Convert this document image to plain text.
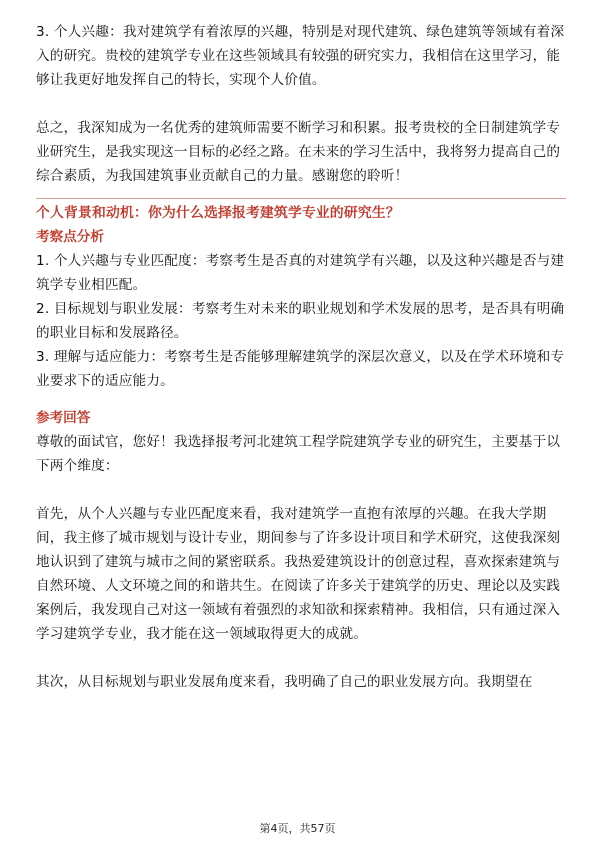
3. 个人兴趣：我对建筑学有着浓厚的兴趣，特别是对现代建筑、绿色建筑等领域有着深入的研究。贵校的建筑学专业在这些领域具有较强的研究实力，我相信在这里学习，能够让我更好地发挥自己的特长，实现个人价值。

总之，我深知成为一名优秀的建筑师需要不断学习和积累。报考贵校的全日制建筑学专业研究生，是我实现这一目标的必经之路。在未来的学习生活中，我将努力提高自己的综合素质，为我国建筑事业贡献自己的力量。感谢您的聆听！

个人背景和动机：你为什么选择报考建筑学专业的研究生？

考察点分析

1. 个人兴趣与专业匹配度：考察考生是否真的对建筑学有兴趣，以及这种兴趣是否与建筑学专业相匹配。

2. 目标规划与职业发展：考察考生对未来的职业规划和学术发展的思考，是否具有明确的职业目标和发展路径。

3. 理解与适应能力：考察考生是否能够理解建筑学的深层次意义，以及在学术环境和专业要求下的适应能力。

参考回答

尊敬的面试官，您好！我选择报考河北建筑工程学院建筑学专业的研究生，主要基于以下两个维度：

首先，从个人兴趣与专业匹配度来看，我对建筑学一直抱有浓厚的兴趣。在我大学期间，我主修了城市规划与设计专业，期间参与了许多设计项目和学术研究，这使我深刻地认识到了建筑与城市之间的紧密联系。我热爱建筑设计的创意过程，喜欢探索建筑与自然环境、人文环境之间的和谐共生。在阅读了许多关于建筑学的历史、理论以及实践案例后，我发现自己对这一领域有着强烈的求知欲和探索精神。我相信，只有通过深入学习建筑学专业，我才能在这一领域取得更大的成就。

其次，从目标规划与职业发展角度来看，我明确了自己的职业发展方向。我期望在

第4页，共57页
